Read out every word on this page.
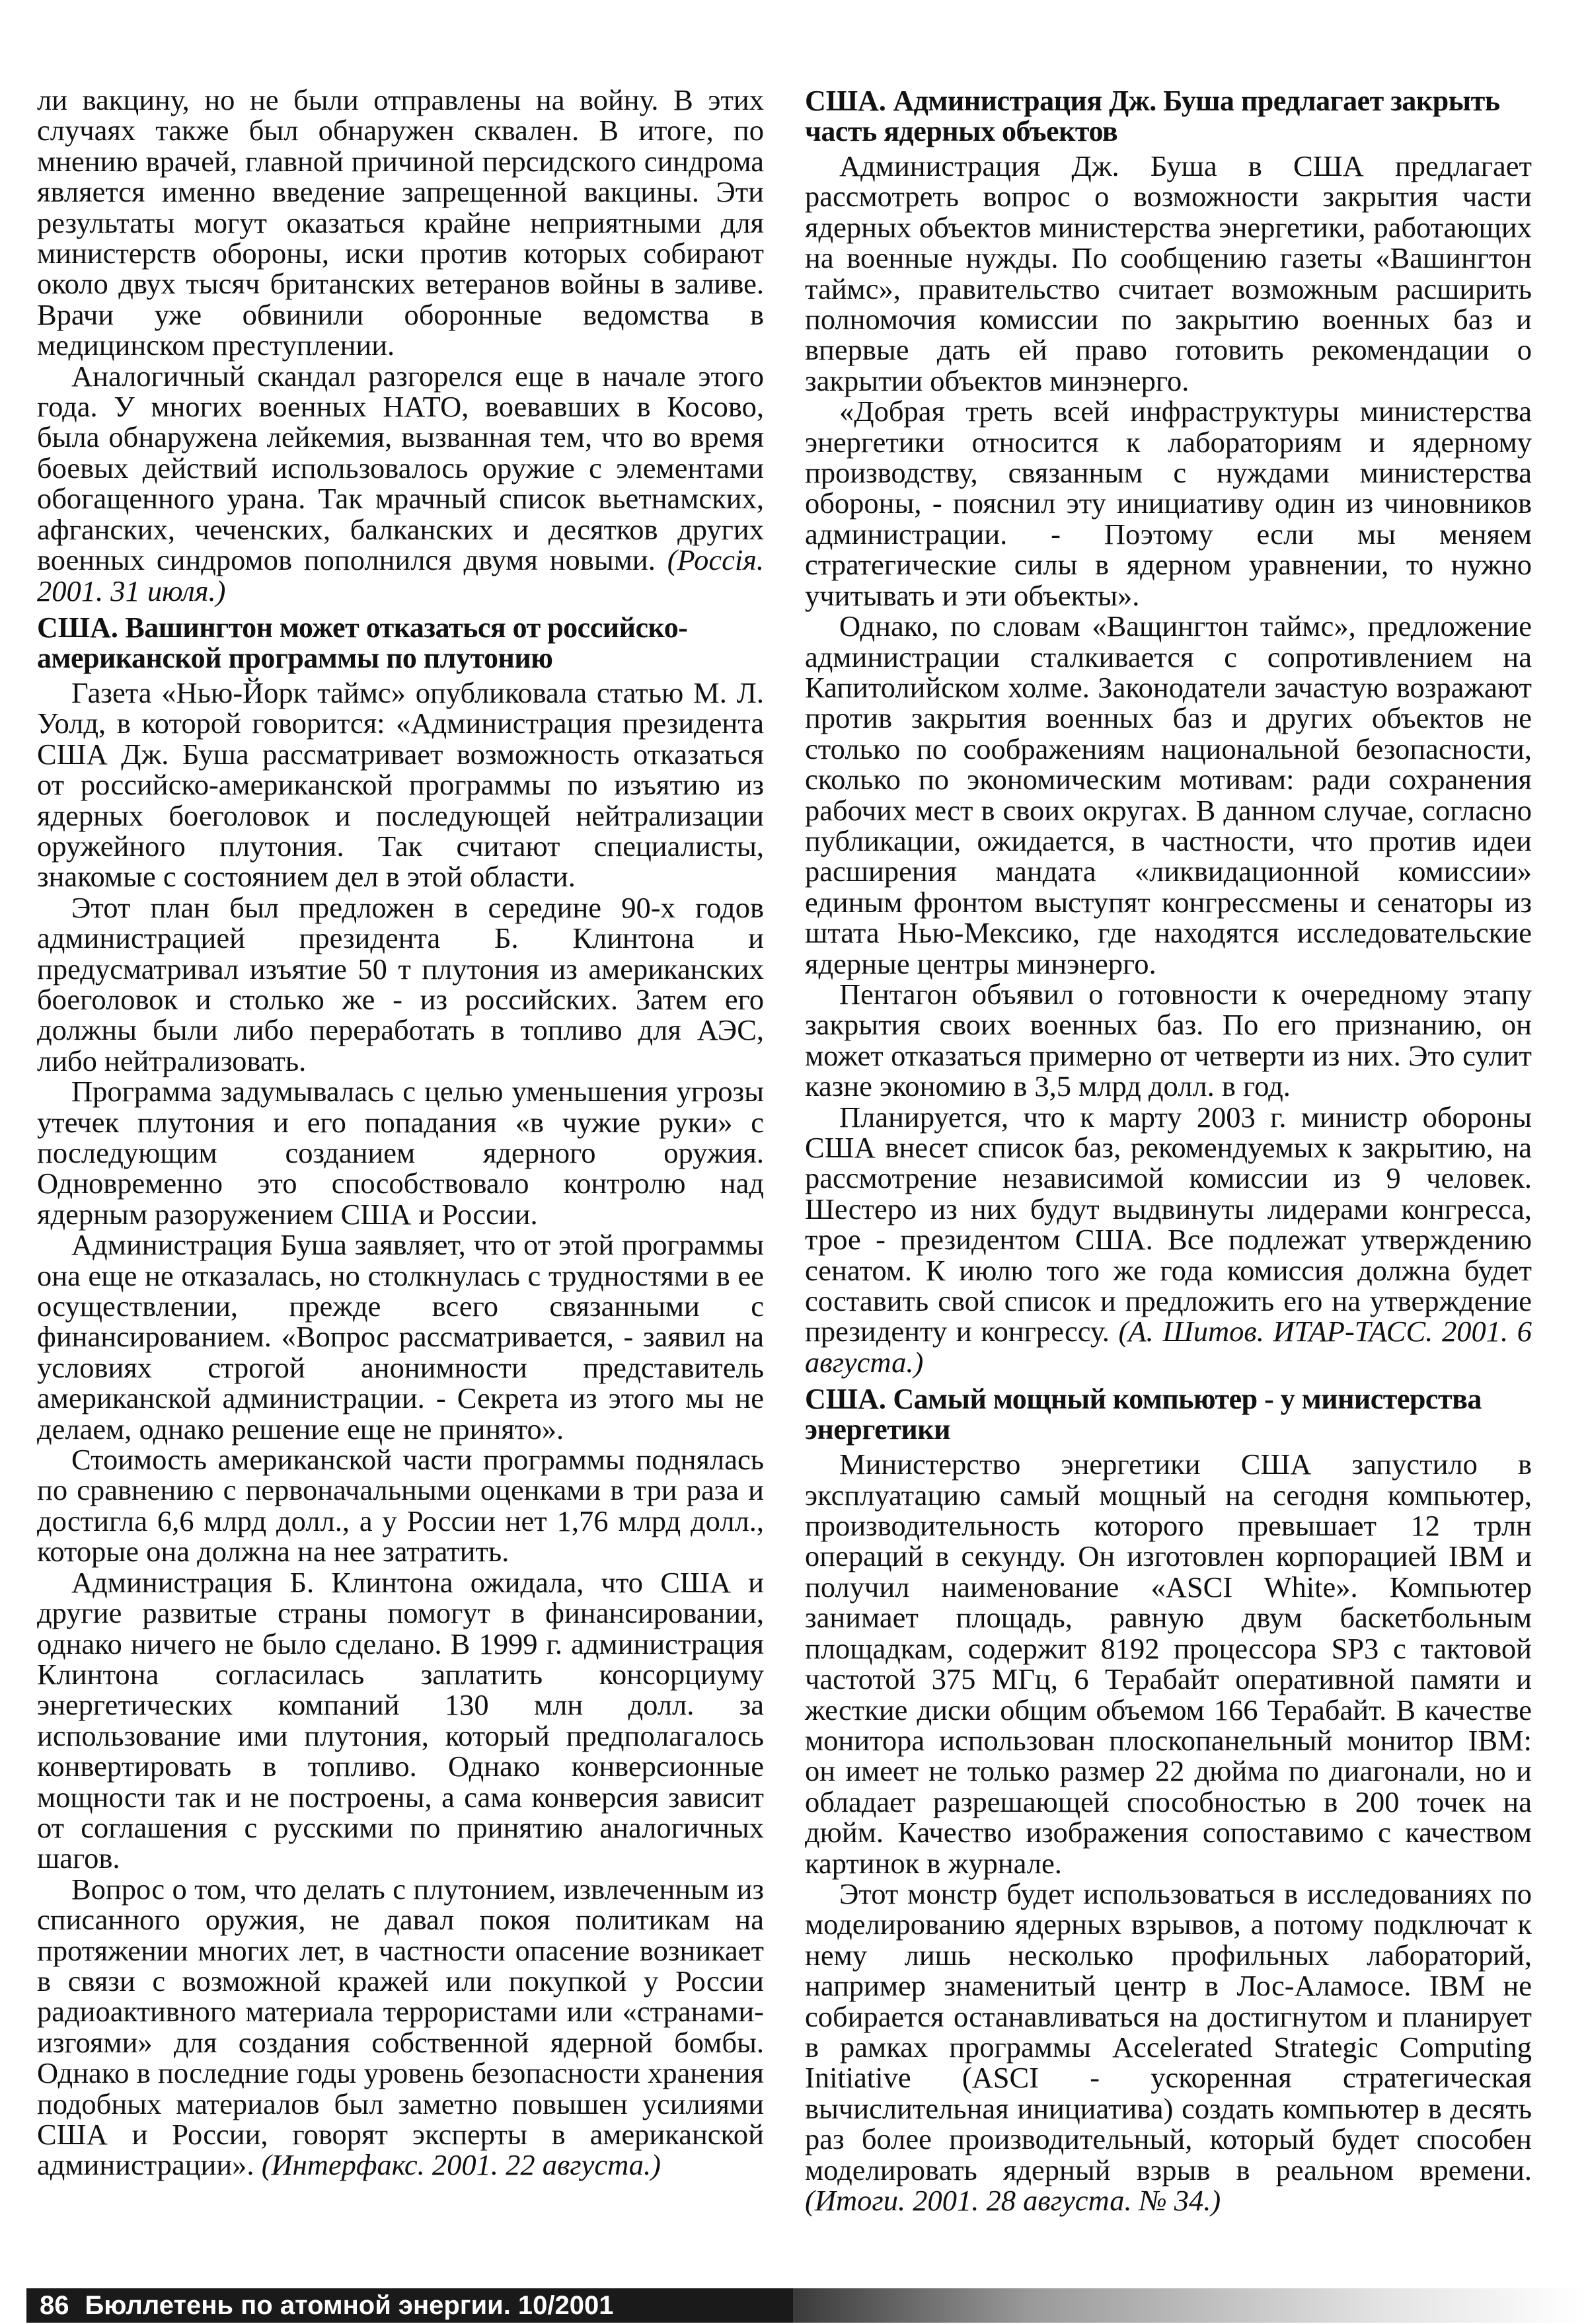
ли вакцину, но не были отправлены на войну. В этих случаях также был обнаружен сквален. В итоге, по мнению врачей, главной причиной персидского синдрома является именно введение запрещенной вакцины. Эти результаты могут оказаться крайне неприятными для министерств обороны, иски против которых собирают около двух тысяч британских ветеранов войны в заливе. Врачи уже обвинили оборонные ведомства в медицинском преступлении.

Аналогичный скандал разгорелся еще в начале этого года. У многих военных НАТО, воевавших в Косово, была обнаружена лейкемия, вызванная тем, что во время боевых действий использовалось оружие с элементами обогащенного урана. Так мрачный список вьетнамских, афганских, чеченских, балканских и десятков других военных синдромов пополнился двумя новыми. (Россія. 2001. 31 июля.)

США. Вашингтон может отказаться от российско-американской программы по плутонию

Газета «Нью-Йорк таймс» опубликовала статью М. Л. Уолд, в которой говорится: «Администрация президента США Дж. Буша рассматривает возможность отказаться от российско-американской программы по изъятию из ядерных боеголовок и последующей нейтрализации оружейного плутония. Так считают специалисты, знакомые с состоянием дел в этой области.

Этот план был предложен в середине 90-х годов администрацией президента Б. Клинтона и предусматривал изъятие 50 т плутония из американских боеголовок и столько же - из российских. Затем его должны были либо переработать в топливо для АЭС, либо нейтрализовать.

Программа задумывалась с целью уменьшения угрозы утечек плутония и его попадания «в чужие руки» с последующим созданием ядерного оружия. Одновременно это способствовало контролю над ядерным разоружением США и России.

Администрация Буша заявляет, что от этой программы она еще не отказалась, но столкнулась с трудностями в ее осуществлении, прежде всего связанными с финансированием. «Вопрос рассматривается, - заявил на условиях строгой анонимности представитель американской администрации. - Секрета из этого мы не делаем, однако решение еще не принято».

Стоимость американской части программы поднялась по сравнению с первоначальными оценками в три раза и достигла 6,6 млрд долл., а у России нет 1,76 млрд долл., которые она должна на нее затратить.

Администрация Б. Клинтона ожидала, что США и другие развитые страны помогут в финансировании, однако ничего не было сделано. В 1999 г. администрация Клинтона согласилась заплатить консорциуму энергетических компаний 130 млн долл. за использование ими плутония, который предполагалось конвертировать в топливо. Однако конверсионные мощности так и не построены, а сама конверсия зависит от соглашения с русскими по принятию аналогичных шагов.

Вопрос о том, что делать с плутонием, извлеченным из списанного оружия, не давал покоя политикам на протяжении многих лет, в частности опасение возникает в связи с возможной кражей или покупкой у России радиоактивного материала террористами или «странами-изгоями» для создания собственной ядерной бомбы. Однако в последние годы уровень безопасности хранения подобных материалов был заметно повышен усилиями США и России, говорят эксперты в американской администрации». (Интерфакс. 2001. 22 августа.)

США. Администрация Дж. Буша предлагает закрыть часть ядерных объектов

Администрация Дж. Буша в США предлагает рассмотреть вопрос о возможности закрытия части ядерных объектов министерства энергетики, работающих на военные нужды. По сообщению газеты «Вашингтон таймс», правительство считает возможным расширить полномочия комиссии по закрытию военных баз и впервые дать ей право готовить рекомендации о закрытии объектов минэнерго.

«Добрая треть всей инфраструктуры министерства энергетики относится к лабораториям и ядерному производству, связанным с нуждами министерства обороны, - пояснил эту инициативу один из чиновников администрации. - Поэтому если мы меняем стратегические силы в ядерном уравнении, то нужно учитывать и эти объекты».

Однако, по словам «Ващингтон таймс», предложение администрации сталкивается с сопротивлением на Капитолийском холме. Законодатели зачастую возражают против закрытия военных баз и других объектов не столько по соображениям национальной безопасности, сколько по экономическим мотивам: ради сохранения рабочих мест в своих округах. В данном случае, согласно публикации, ожидается, в частности, что против идеи расширения мандата «ликвидационной комиссии» единым фронтом выступят конгрессмены и сенаторы из штата Нью-Мексико, где находятся исследовательские ядерные центры минэнерго.

Пентагон объявил о готовности к очередному этапу закрытия своих военных баз. По его признанию, он может отказаться примерно от четверти из них. Это сулит казне экономию в 3,5 млрд долл. в год.

Планируется, что к марту 2003 г. министр обороны США внесет список баз, рекомендуемых к закрытию, на рассмотрение независимой комиссии из 9 человек. Шестеро из них будут выдвинуты лидерами конгресса, трое - президентом США. Все подлежат утверждению сенатом. К июлю того же года комиссия должна будет составить свой список и предложить его на утверждение президенту и конгрессу. (А. Шитов. ИТАР-ТАСС. 2001. 6 августа.)

США. Самый мощный компьютер - у министерства энергетики

Министерство энергетики США запустило в эксплуатацию самый мощный на сегодня компьютер, производительность которого превышает 12 трлн операций в секунду. Он изготовлен корпорацией IBM и получил наименование «ASCI White». Компьютер занимает площадь, равную двум баскетбольным площадкам, содержит 8192 процессора SP3 с тактовой частотой 375 МГц, 6 Терабайт оперативной памяти и жесткие диски общим объемом 166 Терабайт. В качестве монитора использован плоскопанельный монитор IBM: он имеет не только размер 22 дюйма по диагонали, но и обладает разрешающей способностью в 200 точек на дюйм. Качество изображения сопоставимо с качеством картинок в журнале.

Этот монстр будет использоваться в исследованиях по моделированию ядерных взрывов, а потому подключат к нему лишь несколько профильных лабораторий, например знаменитый центр в Лос-Аламосе. IBM не собирается останавливаться на достигнутом и планирует в рамках программы Accelerated Strategic Computing Initiative (ASCI - ускоренная стратегическая вычислительная инициатива) создать компьютер в десять раз более производительный, который будет способен моделировать ядерный взрыв в реальном времени. (Итоги. 2001. 28 августа. № 34.)

86 Бюллетень по атомной энергии. 10/2001
